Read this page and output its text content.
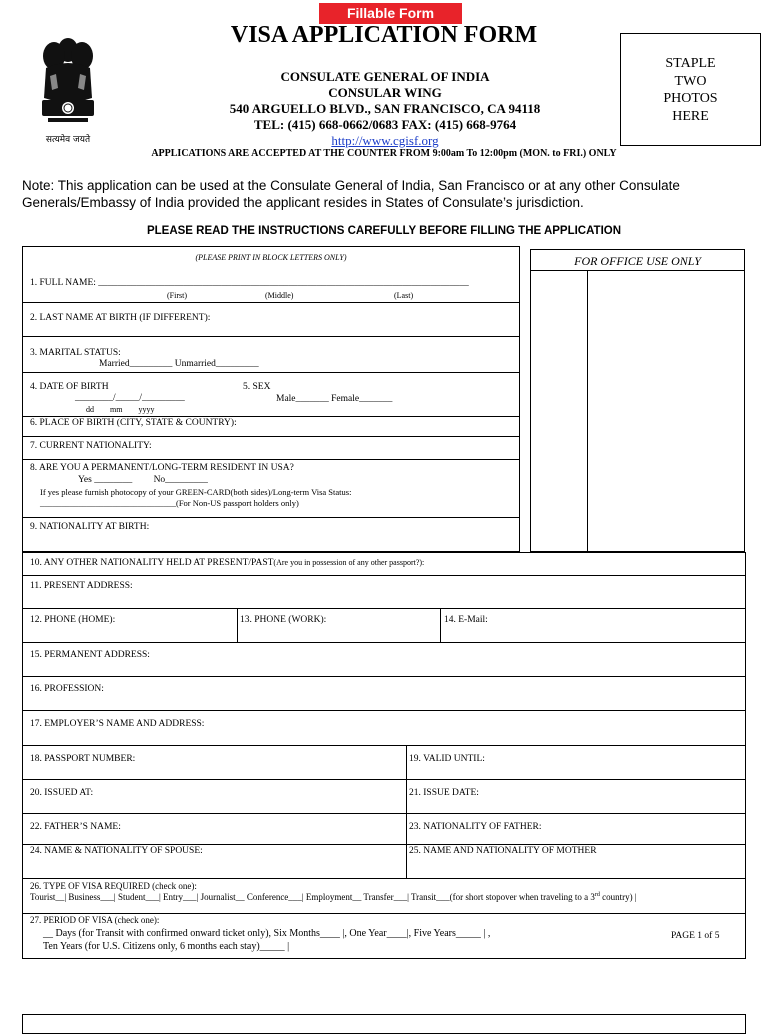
Fillable Form
VISA APPLICATION FORM
सत्यमेव जयते
CONSULATE GENERAL OF INDIA
CONSULAR WING
540 ARGUELLO BLVD., SAN FRANCISCO, CA 94118
TEL: (415) 668-0662/0683 FAX: (415) 668-9764
http://www.cgisf.org
STAPLE
TWO
PHOTOS
HERE
APPLICATIONS ARE ACCEPTED AT THE COUNTER FROM 9:00am To 12:00pm (MON. to FRI.) ONLY
Note: This application can be used at the Consulate General of India, San Francisco or at any other Consulate Generals/Embassy of India provided the applicant resides in States of Consulate’s jurisdiction.
PLEASE READ THE INSTRUCTIONS CAREFULLY BEFORE FILLING THE APPLICATION
(PLEASE PRINT IN BLOCK LETTERS ONLY)	FOR OFFICE USE ONLY
1. FULL NAME: ______________________________________________________________________________
(First)	(Middle)	(Last)
2. LAST NAME AT BIRTH (IF DIFFERENT):
3. MARITAL STATUS:
Married_________ Unmarried_________
4. DATE OF BIRTH
________/_____/_________
dd        mm        yyyy
5. SEX
Male_______ Female_______
6. PLACE OF BIRTH (CITY, STATE & COUNTRY):
7. CURRENT NATIONALITY:
8. ARE YOU A PERMANENT/LONG-TERM RESIDENT IN USA?
Yes ________         No_________
If yes please furnish photocopy of your GREEN-CARD(both sides)/Long-term Visa Status:
________________________________(For Non-US passport holders only)
9. NATIONALITY AT BIRTH:
10. ANY OTHER NATIONALITY HELD AT PRESENT/PAST(Are you in possession of any other passport?):
11. PRESENT ADDRESS:
12. PHONE (HOME):	13. PHONE (WORK):	14. E-Mail:
15. PERMANENT ADDRESS:
16. PROFESSION:
17. EMPLOYER’S NAME AND ADDRESS:
18. PASSPORT NUMBER:	19. VALID UNTIL:
20. ISSUED AT:	21. ISSUE DATE:
22. FATHER’S NAME:	23. NATIONALITY OF FATHER:
24. NAME & NATIONALITY OF SPOUSE:	25. NAME AND NATIONALITY OF MOTHER
26. TYPE OF VISA REQUIRED (check one):
Tourist__| Business___| Student___| Entry___| Journalist__ Conference___| Employment__ Transfer___| Transit___(for short stopover when traveling to a 3rd country) |
27. PERIOD OF VISA (check one):
__ Days (for Transit with confirmed onward ticket only), Six Months____ |, One Year____|, Five Years_____ | ,
Ten Years (for U.S. Citizens only, 6 months each stay)_____ |
PAGE 1 of 5
